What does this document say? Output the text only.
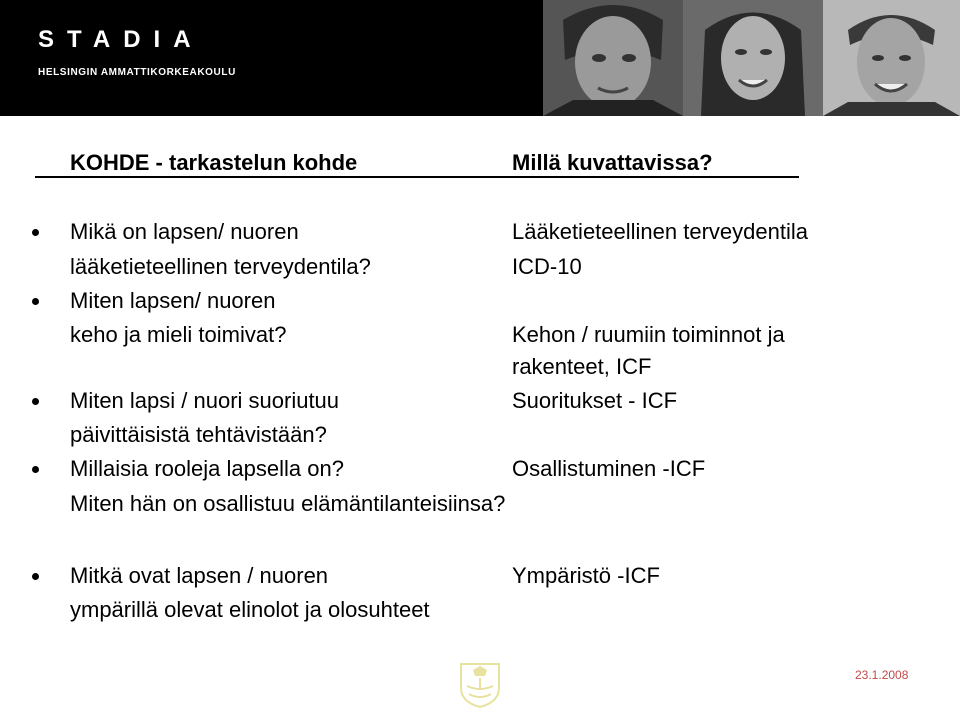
STADIA
HELSINGIN AMMATTIKORKEAKOULU
KOHDE - tarkastelun kohde	Millä kuvattavissa?
Mikä on lapsen/ nuoren	Lääketieteellinen terveydentila
lääketieteellinen terveydentila?	ICD-10
Miten lapsen/ nuoren
keho ja mieli toimivat?	Kehon / ruumiin toiminnot ja
rakenteet, ICF
Miten lapsi / nuori suoriutuu	Suoritukset - ICF
päivittäisistä tehtävistään?
Millaisia rooleja lapsella on?	Osallistuminen -ICF
Miten hän on osallistuu elämäntilanteisiinsa?
Mitkä ovat lapsen / nuoren	Ympäristö -ICF
ympärillä olevat elinolot ja olosuhteet
23.1.2008
